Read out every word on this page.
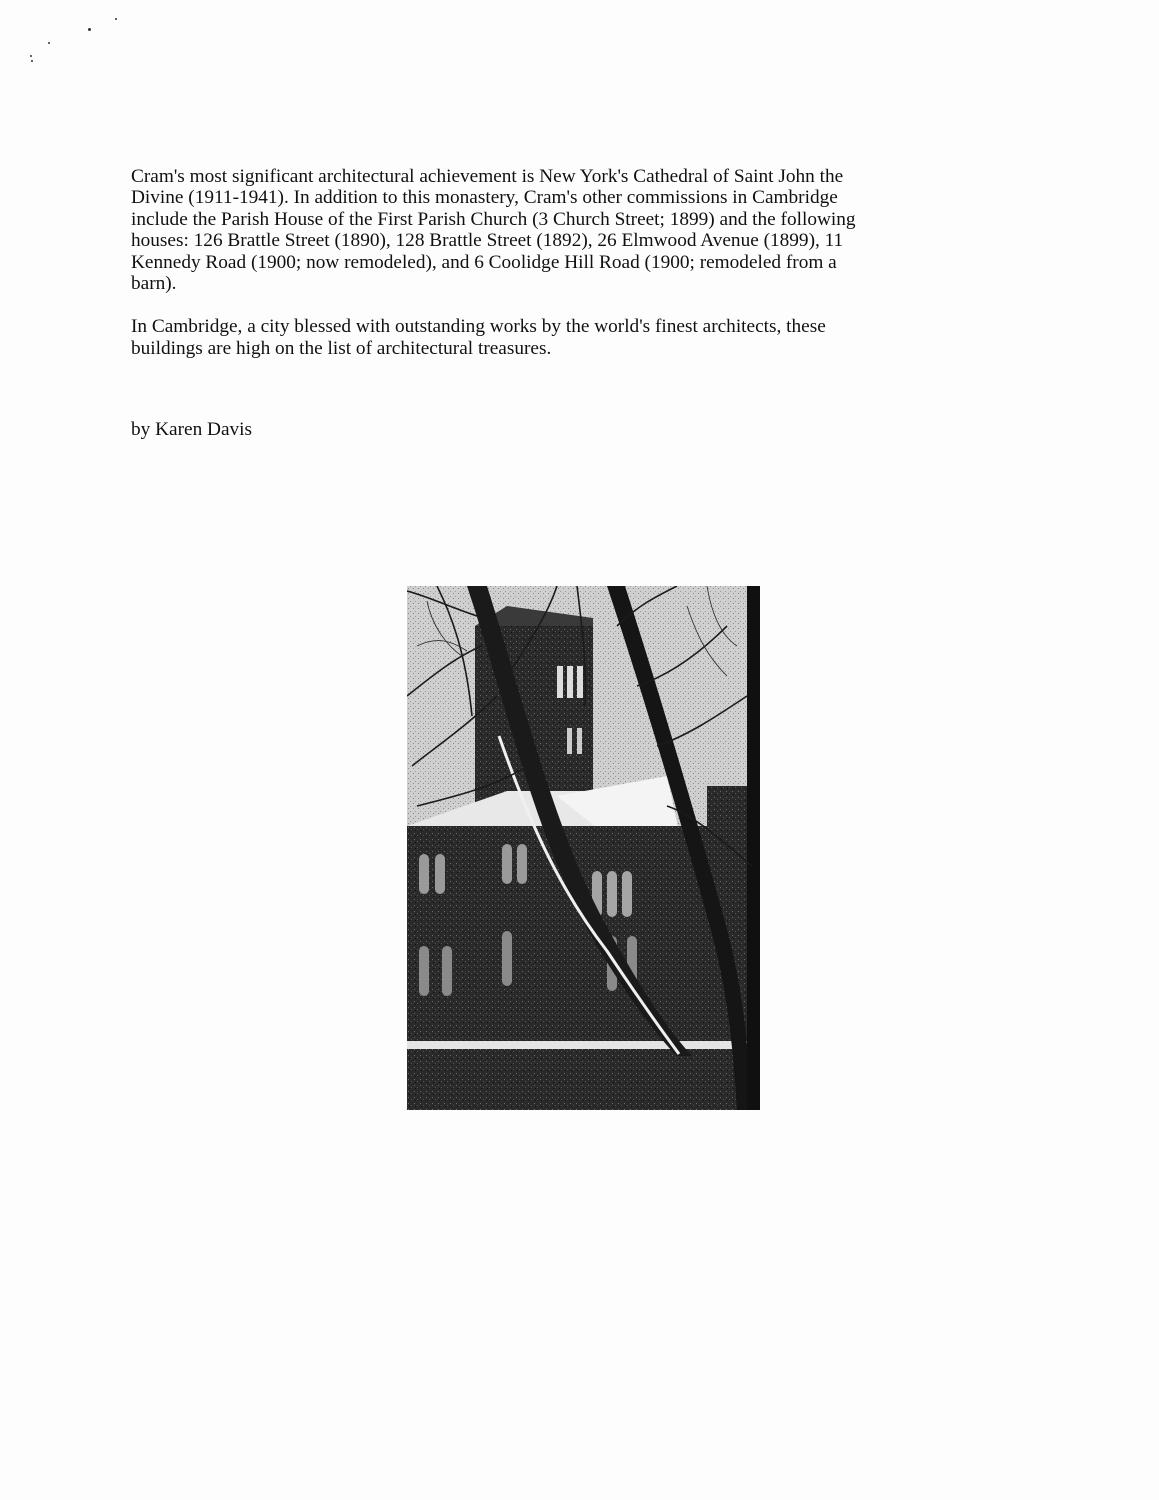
Cram's most significant architectural achievement is New York's Cathedral of Saint John the
Divine (1911-1941). In addition to this monastery, Cram's other commissions in Cambridge
include the Parish House of the First Parish Church (3 Church Street; 1899) and the following
houses: 126 Brattle Street (1890), 128 Brattle Street (1892), 26 Elmwood Avenue (1899), 11
Kennedy Road (1900; now remodeled), and 6 Coolidge Hill Road (1900; remodeled from a
barn).

In Cambridge, a city blessed with outstanding works by the world's finest architects, these
buildings are high on the list of architectural treasures.

by Karen Davis
